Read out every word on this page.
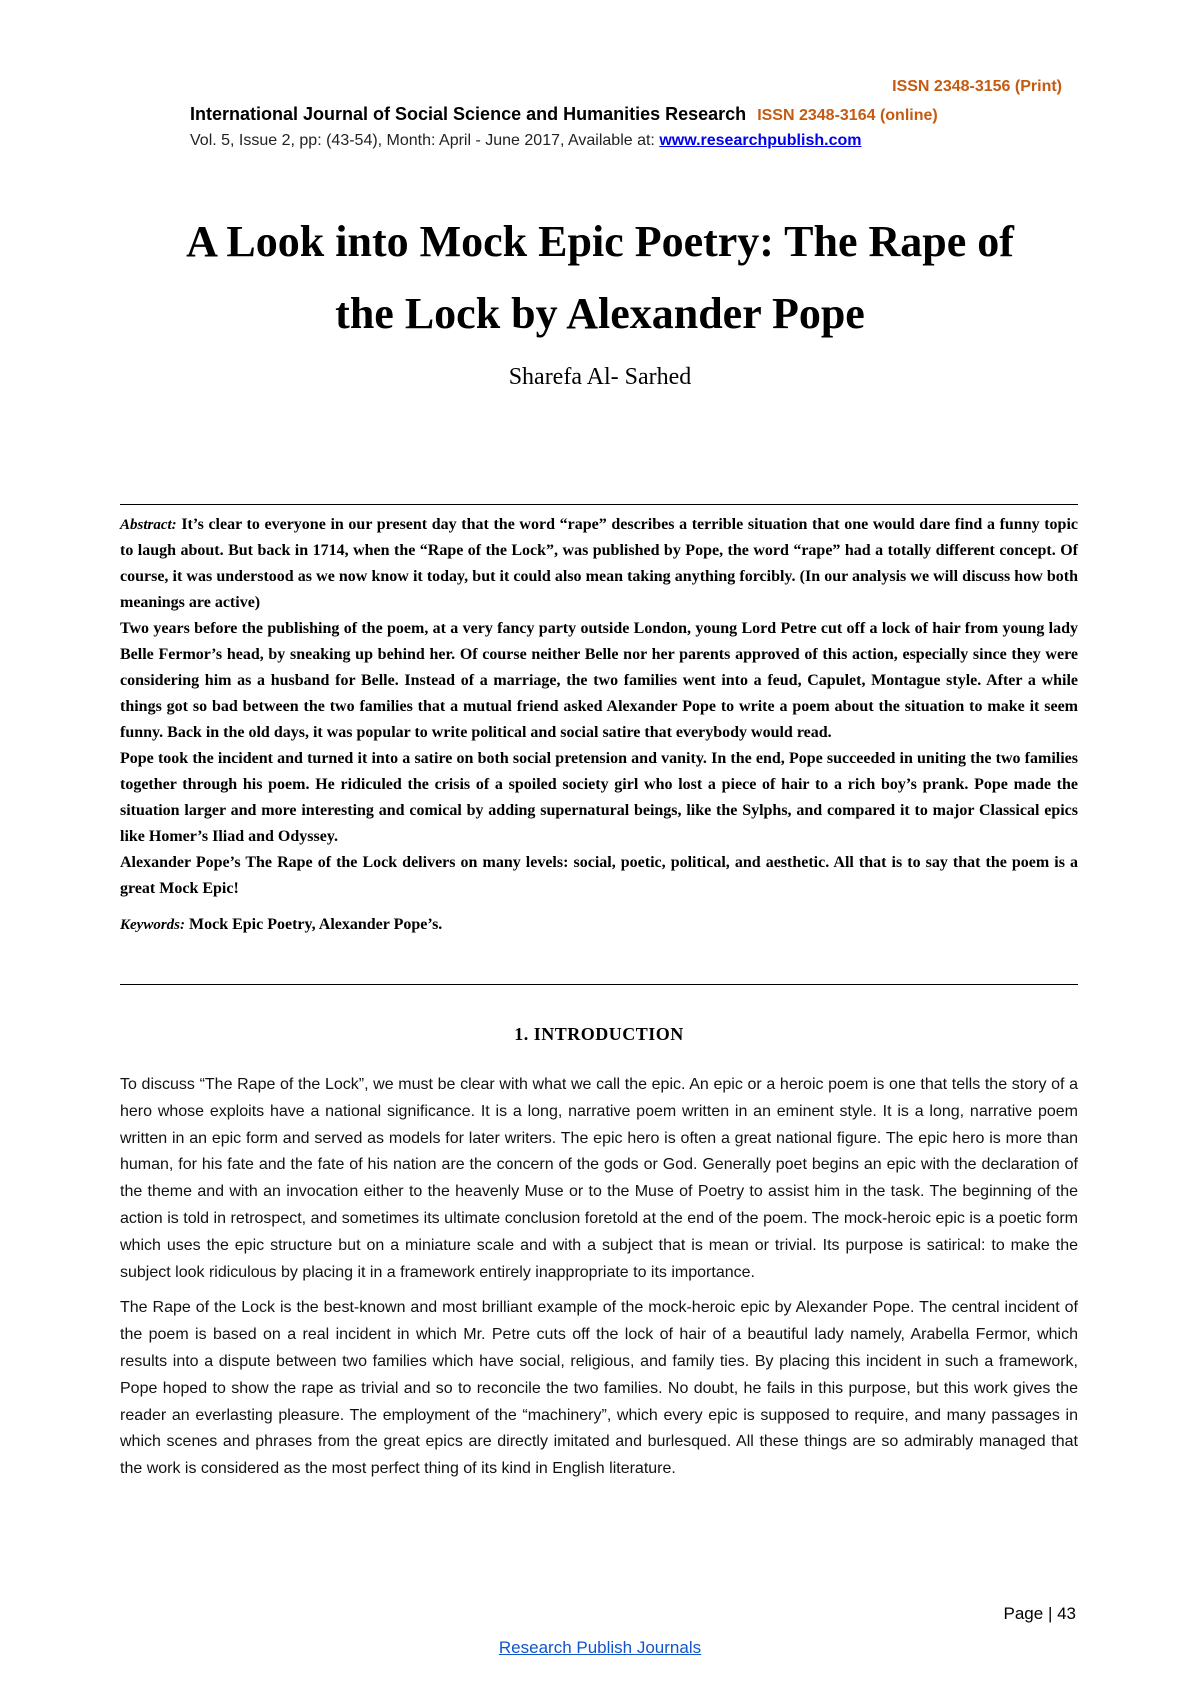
ISSN 2348-3156 (Print)
International Journal of Social Science and Humanities Research ISSN 2348-3164 (online)
Vol. 5, Issue 2, pp: (43-54), Month: April - June 2017, Available at: www.researchpublish.com
A Look into Mock Epic Poetry: The Rape of
the Lock by Alexander Pope
Sharefa Al- Sarhed

Abstract: It’s clear to everyone in our present day that the word “rape” describes a terrible situation that one would dare find a funny topic to laugh about. But back in 1714, when the “Rape of the Lock”, was published by Pope, the word “rape” had a totally different concept. Of course, it was understood as we now know it today, but it could also mean taking anything forcibly. (In our analysis we will discuss how both meanings are active)

Two years before the publishing of the poem, at a very fancy party outside London, young Lord Petre cut off a lock of hair from young lady Belle Fermor’s head, by sneaking up behind her. Of course neither Belle nor her parents approved of this action, especially since they were considering him as a husband for Belle. Instead of a marriage, the two families went into a feud, Capulet, Montague style. After a while things got so bad between the two families that a mutual friend asked Alexander Pope to write a poem about the situation to make it seem funny. Back in the old days, it was popular to write political and social satire that everybody would read.

Pope took the incident and turned it into a satire on both social pretension and vanity. In the end, Pope succeeded in uniting the two families together through his poem. He ridiculed the crisis of a spoiled society girl who lost a piece of hair to a rich boy’s prank. Pope made the situation larger and more interesting and comical by adding supernatural beings, like the Sylphs, and compared it to major Classical epics like Homer’s Iliad and Odyssey.

Alexander Pope’s The Rape of the Lock delivers on many levels: social, poetic, political, and aesthetic. All that is to say that the poem is a great Mock Epic!

Keywords: Mock Epic Poetry, Alexander Pope’s.

1. INTRODUCTION

To discuss “The Rape of the Lock”, we must be clear with what we call the epic. An epic or a heroic poem is one that tells the story of a hero whose exploits have a national significance. It is a long, narrative poem written in an eminent style. It is a long, narrative poem written in an epic form and served as models for later writers. The epic hero is often a great national figure. The epic hero is more than human, for his fate and the fate of his nation are the concern of the gods or God. Generally poet begins an epic with the declaration of the theme and with an invocation either to the heavenly Muse or to the Muse of Poetry to assist him in the task. The beginning of the action is told in retrospect, and sometimes its ultimate conclusion foretold at the end of the poem. The mock-heroic epic is a poetic form which uses the epic structure but on a miniature scale and with a subject that is mean or trivial. Its purpose is satirical: to make the subject look ridiculous by placing it in a framework entirely inappropriate to its importance.

The Rape of the Lock is the best-known and most brilliant example of the mock-heroic epic by Alexander Pope. The central incident of the poem is based on a real incident in which Mr. Petre cuts off the lock of hair of a beautiful lady namely, Arabella Fermor, which results into a dispute between two families which have social, religious, and family ties. By placing this incident in such a framework, Pope hoped to show the rape as trivial and so to reconcile the two families. No doubt, he fails in this purpose, but this work gives the reader an everlasting pleasure. The employment of the “machinery”, which every epic is supposed to require, and many passages in which scenes and phrases from the great epics are directly imitated and burlesqued. All these things are so admirably managed that the work is considered as the most perfect thing of its kind in English literature.

Page | 43
Research Publish Journals
